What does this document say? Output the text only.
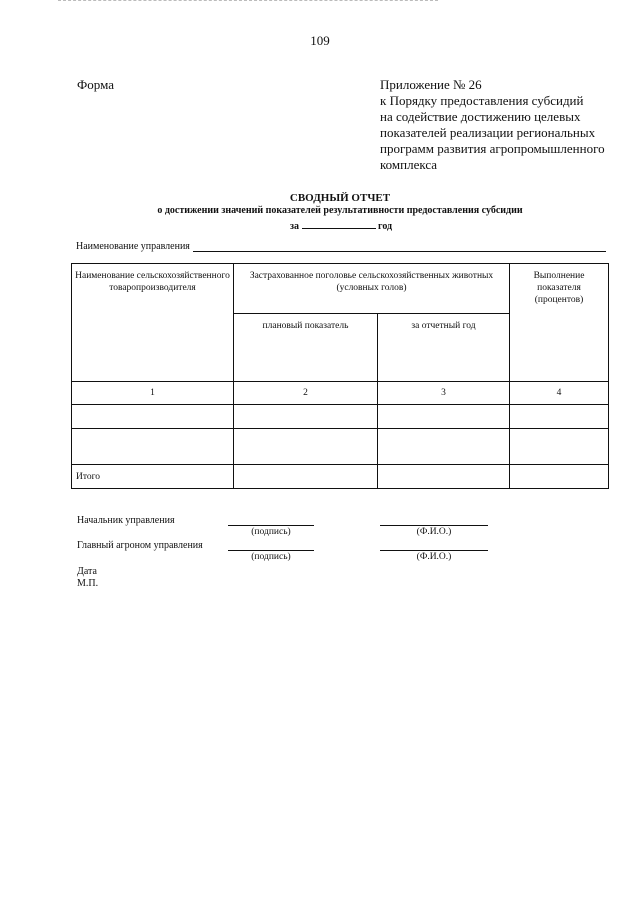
109
Форма	Приложение № 26
к Порядку предоставления субсидий
на содействие достижению целевых
показателей реализации региональных
программ развития агропромышленного
комплекса
СВОДНЫЙ ОТЧЕТ
о достижении значений показателей результативности предоставления субсидии
за	год
Наименование управления
Наименование сельскохозяйственного товаропроизводителя	Застрахованное поголовье сельскохозяйственных животных (условных голов)		Выполнение показателя (процентов)

	плановый показатель	за отчетный год	

1	2	3	4

Итого			
Начальник управления
(подпись)	(Ф.И.О.)
Главный агроном управления
(подпись)	(Ф.И.О.)
Дата
М.П.
